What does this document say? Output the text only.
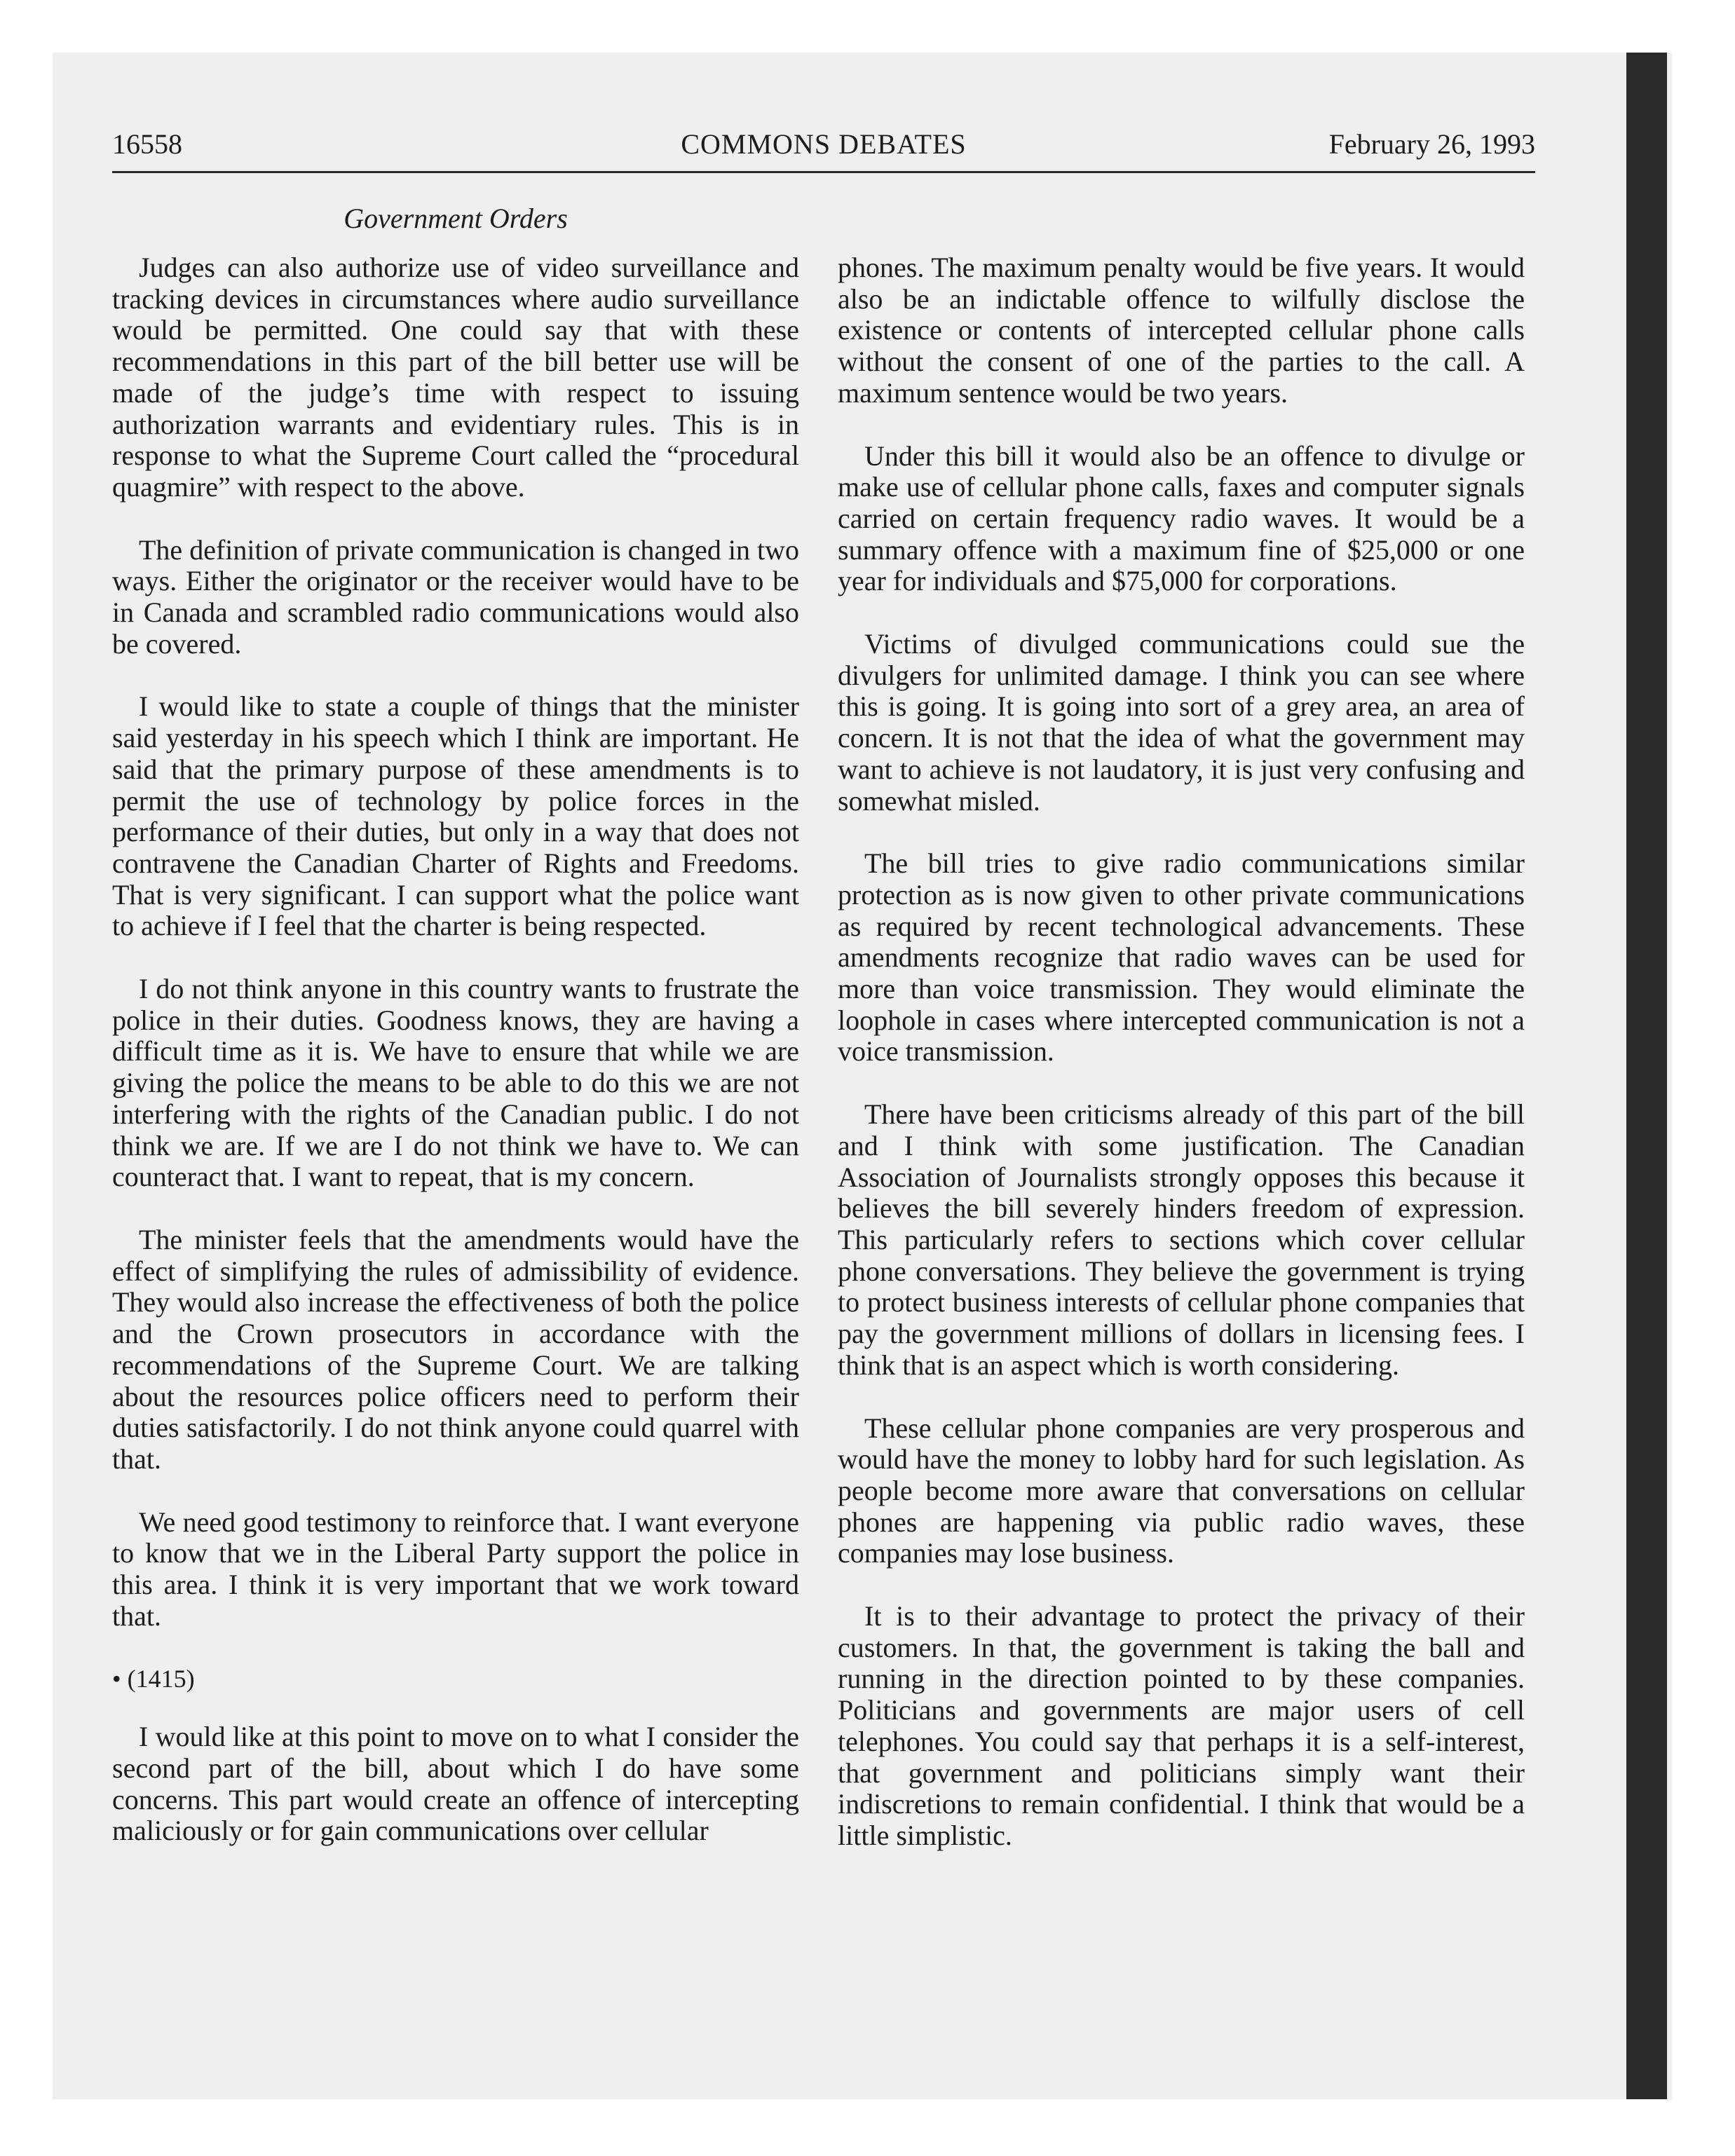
16558	COMMONS DEBATES	February 26, 1993
Government Orders

Judges can also authorize use of video surveillance and tracking devices in circumstances where audio surveillance would be permitted. One could say that with these recommendations in this part of the bill better use will be made of the judge’s time with respect to issuing authorization warrants and evidentiary rules. This is in response to what the Supreme Court called the “procedural quagmire” with respect to the above.

The definition of private communication is changed in two ways. Either the originator or the receiver would have to be in Canada and scrambled radio communications would also be covered.

I would like to state a couple of things that the minister said yesterday in his speech which I think are important. He said that the primary purpose of these amendments is to permit the use of technology by police forces in the performance of their duties, but only in a way that does not contravene the Canadian Charter of Rights and Freedoms. That is very significant. I can support what the police want to achieve if I feel that the charter is being respected.

I do not think anyone in this country wants to frustrate the police in their duties. Goodness knows, they are having a difficult time as it is. We have to ensure that while we are giving the police the means to be able to do this we are not interfering with the rights of the Canadian public. I do not think we are. If we are I do not think we have to. We can counteract that. I want to repeat, that is my concern.

The minister feels that the amendments would have the effect of simplifying the rules of admissibility of evidence. They would also increase the effectiveness of both the police and the Crown prosecutors in accordance with the recommendations of the Supreme Court. We are talking about the resources police officers need to perform their duties satisfactorily. I do not think anyone could quarrel with that.

We need good testimony to reinforce that. I want everyone to know that we in the Liberal Party support the police in this area. I think it is very important that we work toward that.

• (1415)

I would like at this point to move on to what I consider the second part of the bill, about which I do have some concerns. This part would create an offence of intercepting maliciously or for gain communications over cellular

phones. The maximum penalty would be five years. It would also be an indictable offence to wilfully disclose the existence or contents of intercepted cellular phone calls without the consent of one of the parties to the call. A maximum sentence would be two years.

Under this bill it would also be an offence to divulge or make use of cellular phone calls, faxes and computer signals carried on certain frequency radio waves. It would be a summary offence with a maximum fine of $25,000 or one year for individuals and $75,000 for corporations.

Victims of divulged communications could sue the divulgers for unlimited damage. I think you can see where this is going. It is going into sort of a grey area, an area of concern. It is not that the idea of what the government may want to achieve is not laudatory, it is just very confusing and somewhat misled.

The bill tries to give radio communications similar protection as is now given to other private communications as required by recent technological advancements. These amendments recognize that radio waves can be used for more than voice transmission. They would eliminate the loophole in cases where intercepted communication is not a voice transmission.

There have been criticisms already of this part of the bill and I think with some justification. The Canadian Association of Journalists strongly opposes this because it believes the bill severely hinders freedom of expression. This particularly refers to sections which cover cellular phone conversations. They believe the government is trying to protect business interests of cellular phone companies that pay the government millions of dollars in licensing fees. I think that is an aspect which is worth considering.

These cellular phone companies are very prosperous and would have the money to lobby hard for such legislation. As people become more aware that conversations on cellular phones are happening via public radio waves, these companies may lose business.

It is to their advantage to protect the privacy of their customers. In that, the government is taking the ball and running in the direction pointed to by these companies. Politicians and governments are major users of cell telephones. You could say that perhaps it is a self-interest, that government and politicians simply want their indiscretions to remain confidential. I think that would be a little simplistic.
